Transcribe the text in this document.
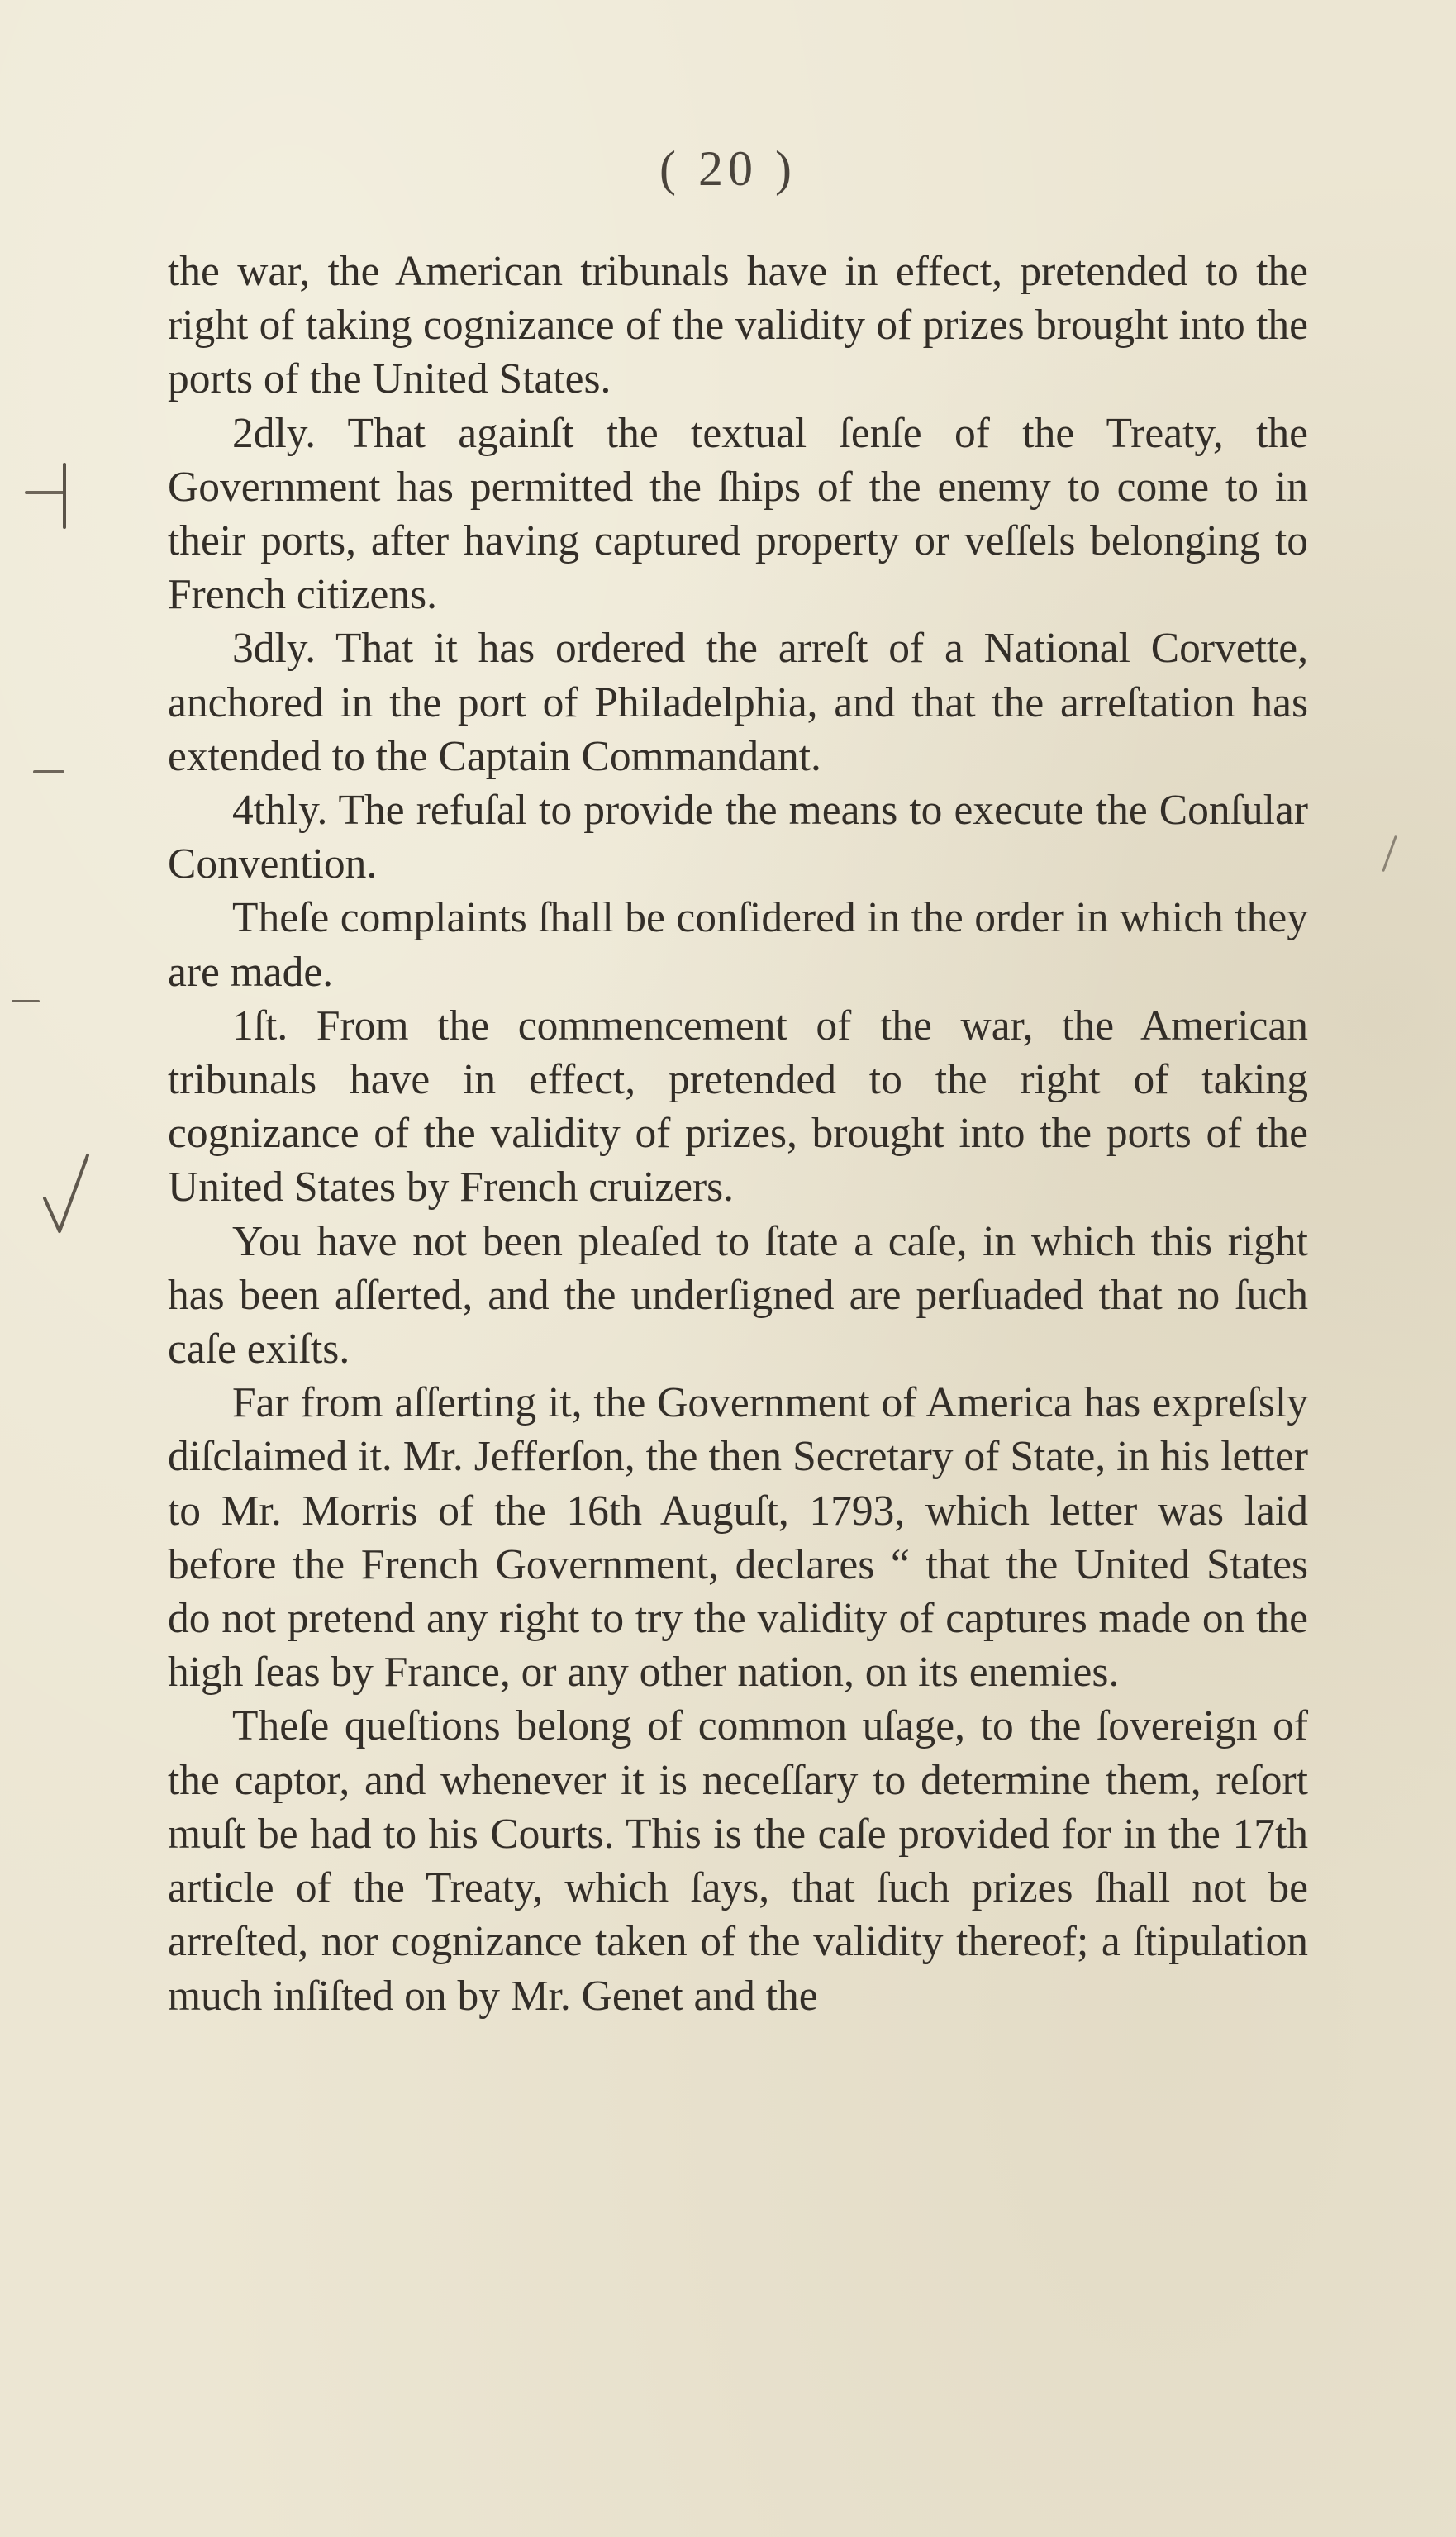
( 20 )

the war, the American tribunals have in effect, pretended to the right of taking cognizance of the validity of prizes brought into the ports of the United States.

2dly. That againſt the textual ſenſe of the Treaty, the Government has permitted the ſhips of the enemy to come to in their ports, after having captured property or veſſels belonging to French citizens.

3dly. That it has ordered the arreſt of a National Corvette, anchored in the port of Philadelphia, and that the arreſtation has extended to the Captain Commandant.

4thly. The refuſal to provide the means to execute the Conſular Convention.

Theſe complaints ſhall be conſidered in the order in which they are made.

1ſt. From the commencement of the war, the American tribunals have in effect, pretended to the right of taking cognizance of the validity of prizes, brought into the ports of the United States by French cruizers.

You have not been pleaſed to ſtate a caſe, in which this right has been aſſerted, and the underſigned are perſuaded that no ſuch caſe exiſts.

Far from aſſerting it, the Government of America has expreſsly diſclaimed it. Mr. Jefferſon, the then Secretary of State, in his letter to Mr. Morris of the 16th Auguſt, 1793, which letter was laid before the French Government, declares “ that the United States do not pretend any right to try the validity of captures made on the high ſeas by France, or any other nation, on its enemies.

Theſe queſtions belong of common uſage, to the ſovereign of the captor, and whenever it is neceſſary to determine them, reſort muſt be had to his Courts. This is the caſe provided for in the 17th article of the Treaty, which ſays, that ſuch prizes ſhall not be arreſted, nor cognizance taken of the validity thereof; a ſtipulation much inſiſted on by Mr. Genet and the
